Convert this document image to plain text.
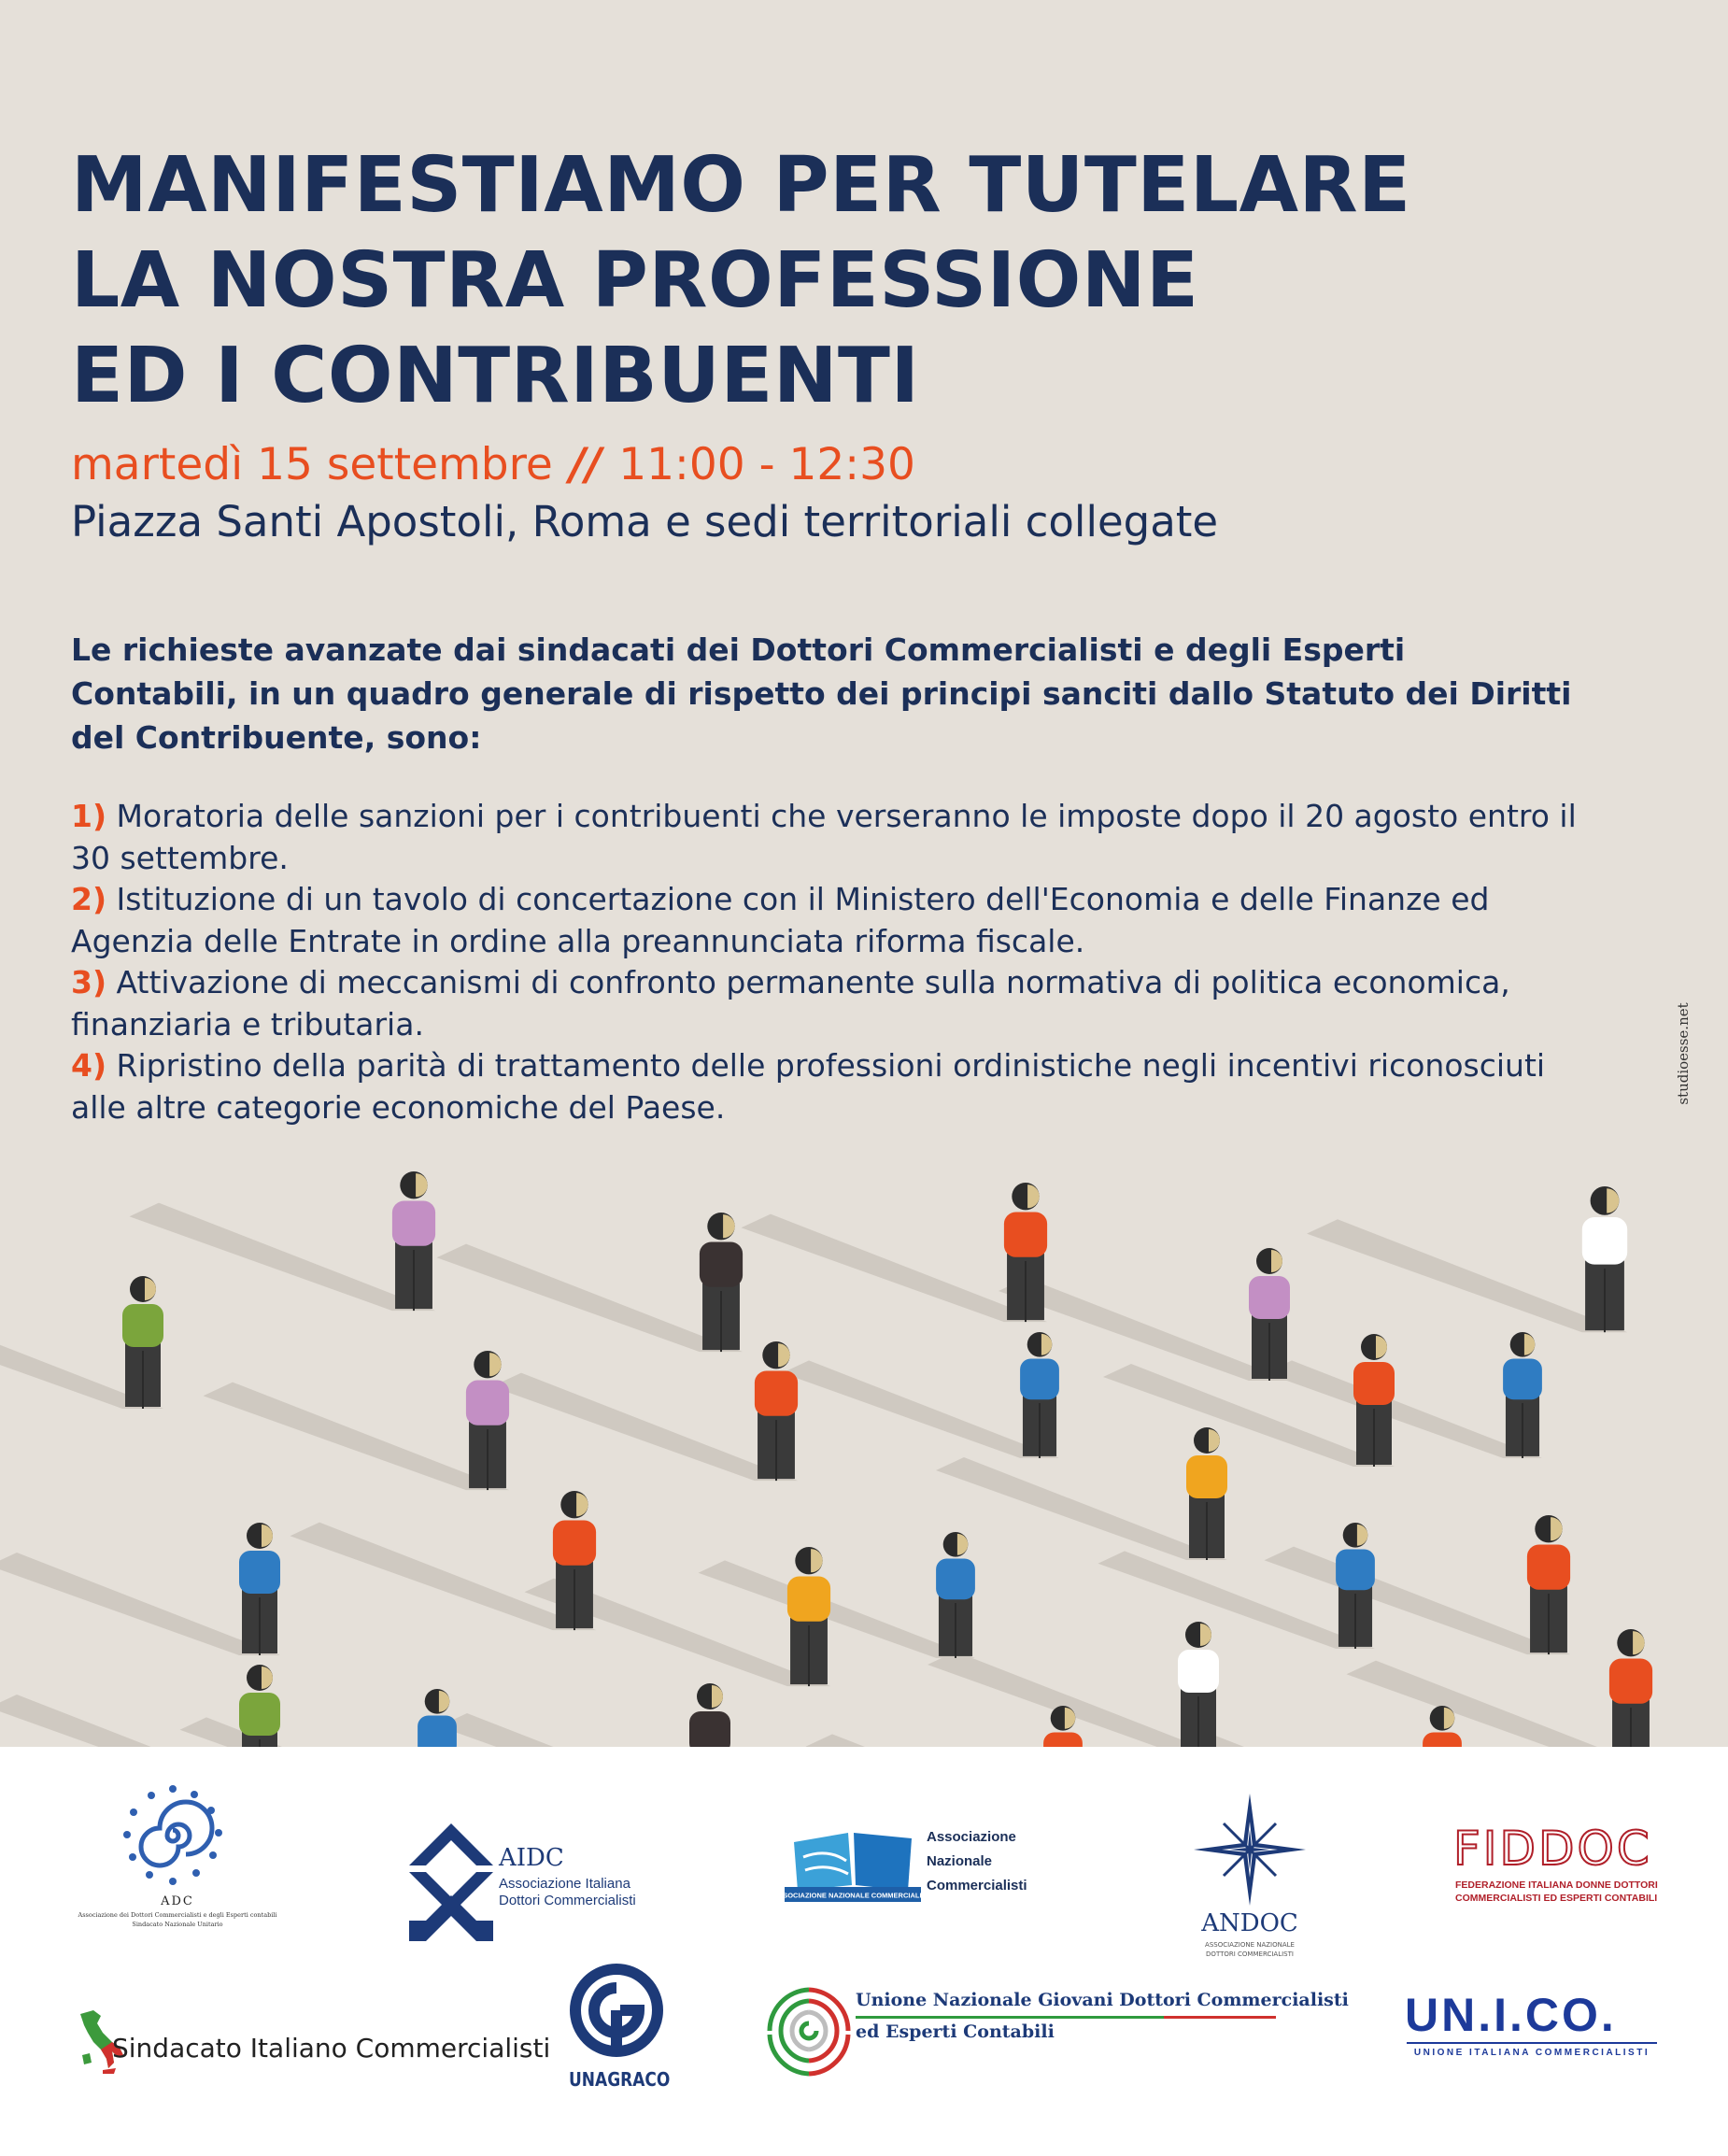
MANIFESTIAMO PER TUTELARE
LA NOSTRA PROFESSIONE
ED I CONTRIBUENTI
martedì 15 settembre // 11:00 - 12:30
Piazza Santi Apostoli, Roma e sedi territoriali collegate

Le richieste avanzate dai sindacati dei Dottori Commercialisti e degli Esperti Contabili, in un quadro generale di rispetto dei principi sanciti dallo Statuto dei Diritti del Contribuente, sono:

1) Moratoria delle sanzioni per i contribuenti che verseranno le imposte dopo il 20 agosto entro il 30 settembre.
2) Istituzione di un tavolo di concertazione con il Ministero dell'Economia e delle Finanze ed Agenzia delle Entrate in ordine alla preannunciata riforma fiscale.
3) Attivazione di meccanismi di confronto permanente sulla normativa di politica economica, finanziaria e tributaria.
4) Ripristino della parità di trattamento delle professioni ordinistiche negli incentivi riconosciuti alle altre categorie economiche del Paese.
studioesse.net
ADC
Associazione dei Dottori Commercialisti e degli Esperti contabili
Sindacato Nazionale Unitario
AIDC
Associazione Italiana
Dottori Commercialisti	ASSOCIAZIONE NAZIONALE COMMERCIALISTI
Associazione
Nazionale
Commercialisti
ANDOC
ASSOCIAZIONE NAZIONALE
DOTTORI COMMERCIALISTI
FIDDOC
FEDERAZIONE ITALIANA DONNE DOTTORI
COMMERCIALISTI ED ESPERTI CONTABILI
Sindacato Italiano Commercialisti
UNAGRACO
Unione Nazionale Giovani Dottori Commercialisti
ed Esperti Contabili	UN.I.CO.
UNIONE ITALIANA COMMERCIALISTI
